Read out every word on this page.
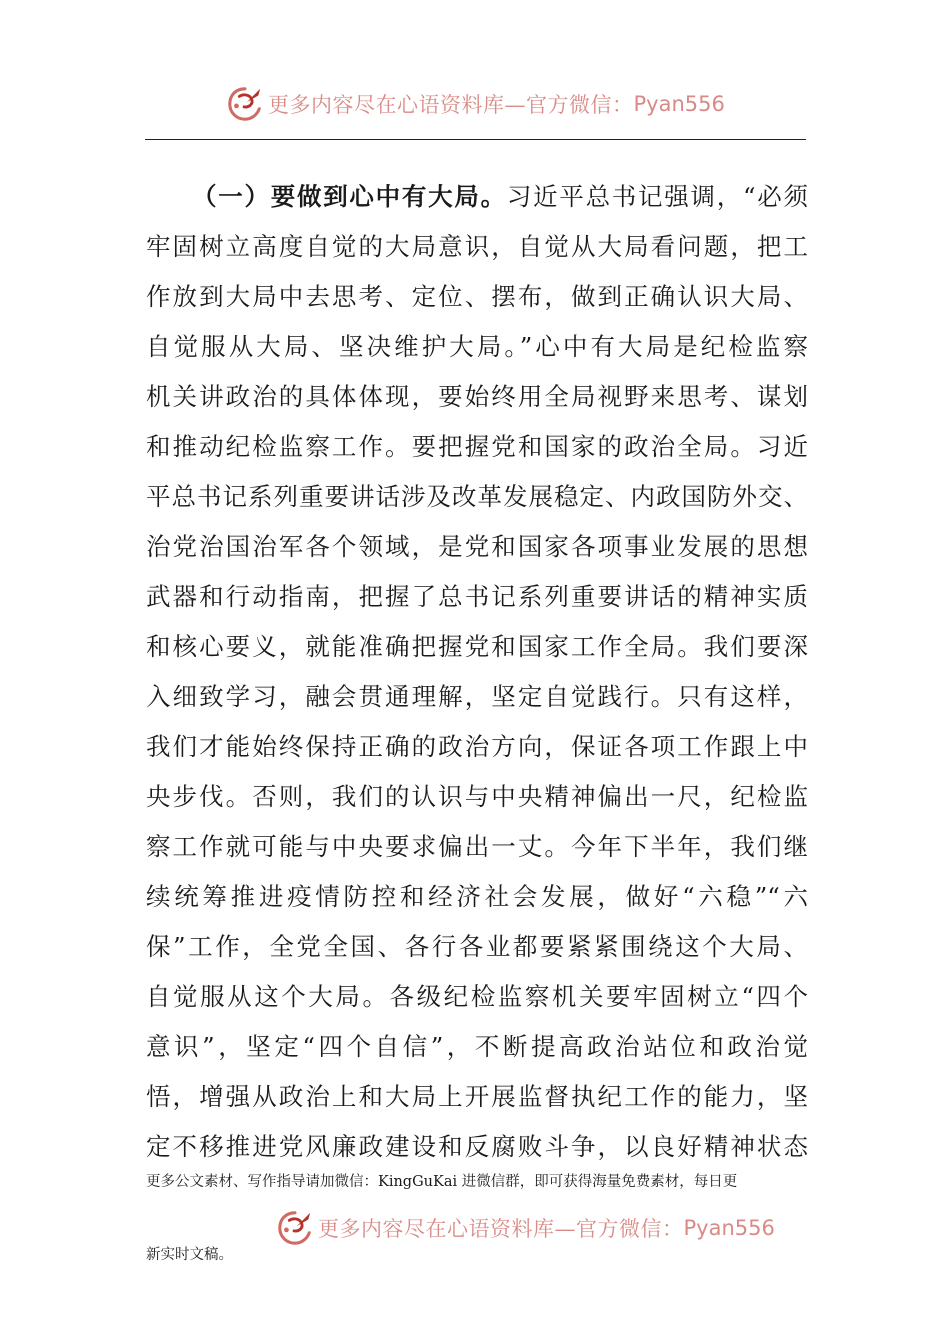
更多内容尽在心语资料库—官方微信： Pyan556
（一）要做到心中有大局。习近平总书记强调，“必须
牢固树立高度自觉的大局意识，自觉从大局看问题，把工
作放到大局中去思考、定位、摆布，做到正确认识大局、
自觉服从大局、坚决维护大局。”心中有大局是纪检监察
机关讲政治的具体体现，要始终用全局视野来思考、谋划
和推动纪检监察工作。要把握党和国家的政治全局。习近
平总书记系列重要讲话涉及改革发展稳定、内政国防外交、
治党治国治军各个领域，是党和国家各项事业发展的思想
武器和行动指南，把握了总书记系列重要讲话的精神实质
和核心要义，就能准确把握党和国家工作全局。我们要深
入细致学习，融会贯通理解，坚定自觉践行。只有这样，
我们才能始终保持正确的政治方向，保证各项工作跟上中
央步伐。否则，我们的认识与中央精神偏出一尺，纪检监
察工作就可能与中央要求偏出一丈。今年下半年，我们继
续统筹推进疫情防控和经济社会发展，做好“六稳”“六
保”工作，全党全国、各行各业都要紧紧围绕这个大局、
自觉服从这个大局。各级纪检监察机关要牢固树立“四个
意识”，坚定“四个自信”，不断提高政治站位和政治觉
悟，增强从政治上和大局上开展监督执纪工作的能力，坚
定不移推进党风廉政建设和反腐败斗争，以良好精神状态
更多公文素材、写作指导请加微信：KingGuKai 进微信群，即可获得海量免费素材，每日更
更多内容尽在心语资料库—官方微信： Pyan556
新实时文稿。
